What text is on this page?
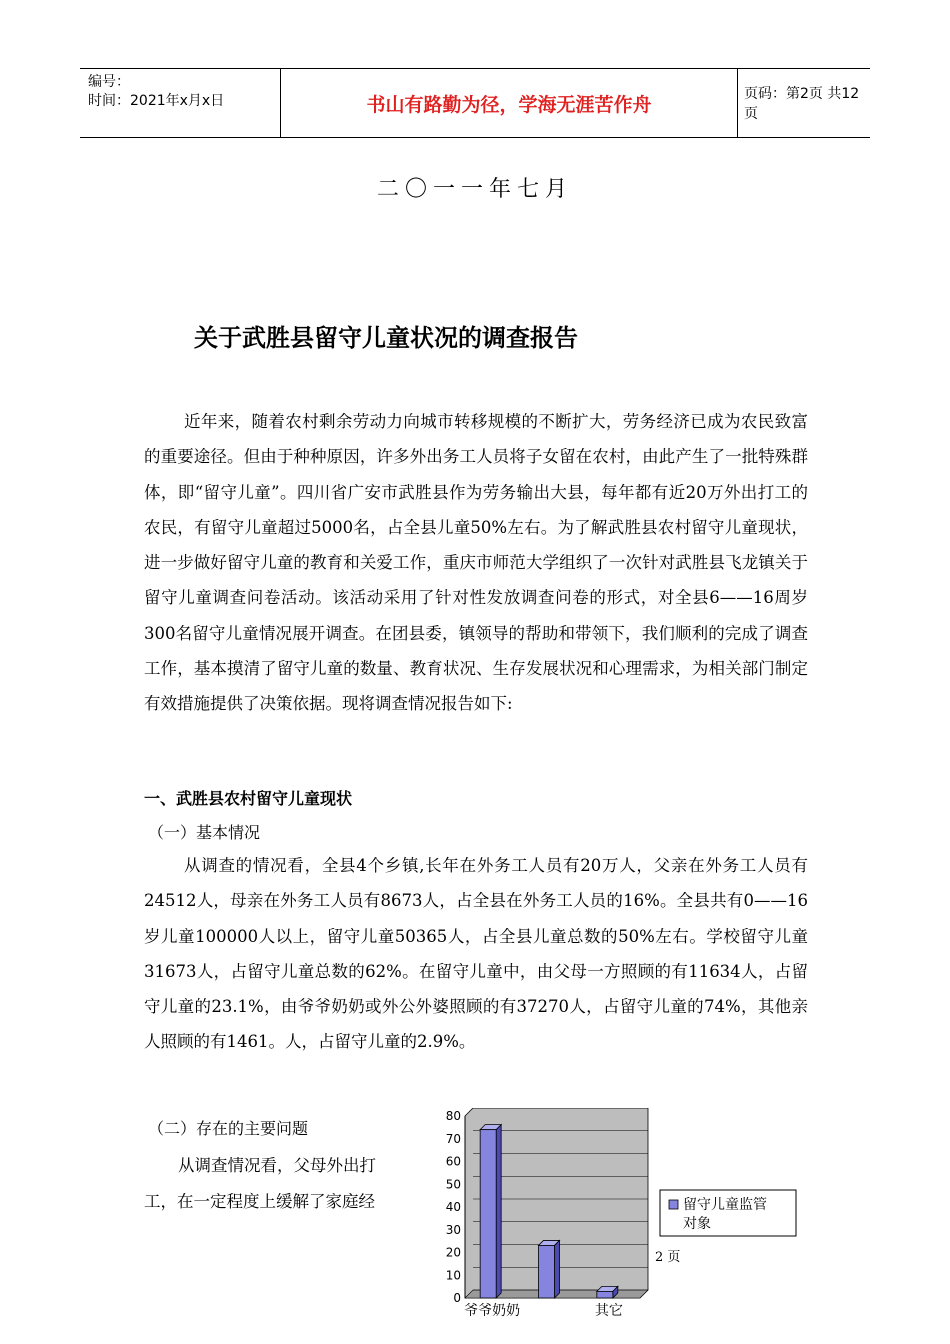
编号：
时间：2021年x月x日	书山有路勤为径，学海无涯苦作舟	页码：第2页 共12页
二〇一一年七月
关于武胜县留守儿童状况的调查报告

近年来，随着农村剩余劳动力向城市转移规模的不断扩大，劳务经济已成为农民致富的重要途径。但由于种种原因，许多外出务工人员将子女留在农村，由此产生了一批特殊群体，即“留守儿童”。四川省广安市武胜县作为劳务输出大县，每年都有近20万外出打工的农民，有留守儿童超过5000名，占全县儿童50%左右。为了解武胜县农村留守儿童现状，进一步做好留守儿童的教育和关爱工作，重庆市师范大学组织了一次针对武胜县飞龙镇关于留守儿童调查问卷活动。该活动采用了针对性发放调查问卷的形式，对全县6——16周岁300名留守儿童情况展开调查。在团县委，镇领导的帮助和带领下，我们顺利的完成了调查工作，基本摸清了留守儿童的数量、教育状况、生存发展状况和心理需求，为相关部门制定有效措施提供了决策依据。现将调查情况报告如下:

一、武胜县农村留守儿童现状
（一）基本情况

从调查的情况看，全县4个乡镇,长年在外务工人员有20万人，父亲在外务工人员有24512人，母亲在外务工人员有8673人，占全县在外务工人员的16%。全县共有0——16岁儿童100000人以上，留守儿童50365人，占全县儿童总数的50%左右。学校留守儿童31673人，占留守儿童总数的62%。在留守儿童中，由父母一方照顾的有11634人，占留守儿童的23.1%，由爷爷奶奶或外公外婆照顾的有37270人，占留守儿童的74%，其他亲人照顾的有1461。人，占留守儿童的2.9%。

（二）存在的主要问题
从调查情况看，父母外出打
工，在一定程度上缓解了家庭经
0
10
20
30
40
50
60
70
80
爷爷奶奶	其它
留守儿童监管
对象
2 页
